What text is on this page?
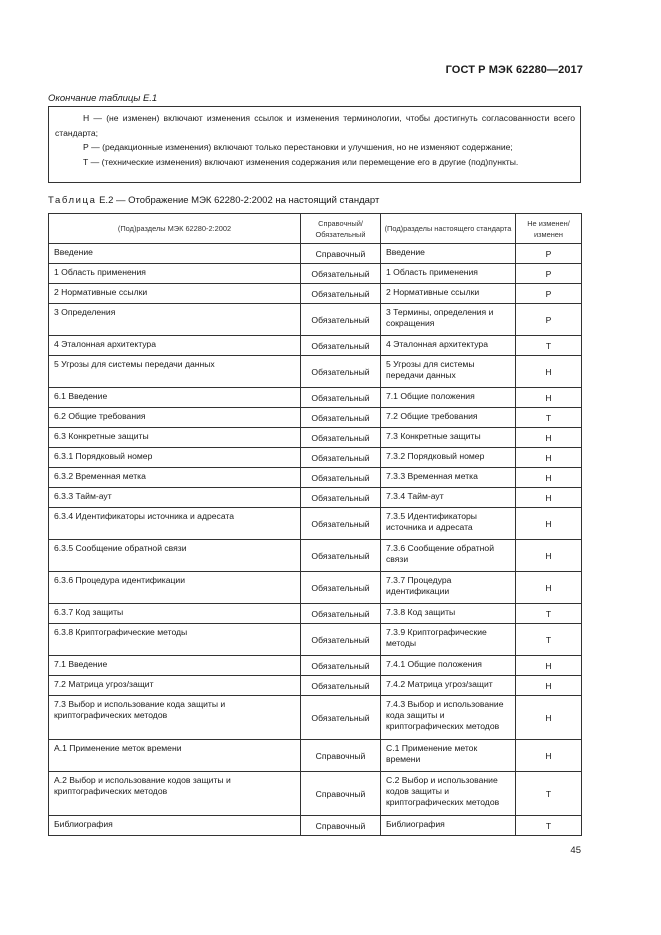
ГОСТ Р МЭК 62280—2017
Окончание таблицы Е.1

Н — (не изменен) включают изменения ссылок и изменения терминологии, чтобы достигнуть согласованности всего стандарта;

Р — (редакционные изменения) включают только перестановки и улучшения, но не изменяют содержание;

Т — (технические изменения) включают изменения содержания или перемещение его в другие (под)пункты.

Таблица Е.2 — Отображение МЭК 62280-2:2002 на настоящий стандарт
(Под)разделы МЭК 62280-2:2002	Справочный/ Обязательный	(Под)разделы настоящего стандарта	Не изменен/ изменен
Введение	Справочный	Введение	Р
1 Область применения	Обязательный	1 Область применения	Р
2 Нормативные ссылки	Обязательный	2 Нормативные ссылки	Р
3 Определения	Обязательный	3 Термины, определения и сокращения	Р
4 Эталонная архитектура	Обязательный	4 Эталонная архитектура	Т
5 Угрозы для системы передачи данных	Обязательный	5 Угрозы для системы передачи данных	Н
6.1 Введение	Обязательный	7.1 Общие положения	Н
6.2 Общие требования	Обязательный	7.2 Общие требования	Т
6.3 Конкретные защиты	Обязательный	7.3 Конкретные защиты	Н
6.3.1 Порядковый номер	Обязательный	7.3.2 Порядковый номер	Н
6.3.2 Временная метка	Обязательный	7.3.3 Временная метка	Н
6.3.3 Тайм-аут	Обязательный	7.3.4 Тайм-аут	Н
6.3.4 Идентификаторы источника и адресата	Обязательный	7.3.5 Идентификаторы источника и адресата	Н
6.3.5 Сообщение обратной связи	Обязательный	7.3.6 Сообщение обратной связи	Н
6.3.6 Процедура идентификации	Обязательный	7.3.7 Процедура идентификации	Н
6.3.7 Код защиты	Обязательный	7.3.8 Код защиты	Т
6.3.8 Криптографические методы	Обязательный	7.3.9 Криптографические методы	Т
7.1 Введение	Обязательный	7.4.1 Общие положения	Н
7.2 Матрица угроз/защит	Обязательный	7.4.2 Матрица угроз/защит	Н
7.3 Выбор и использование кода защиты и криптографических методов	Обязательный	7.4.3 Выбор и использование кода защиты и криптографических методов	Н
А.1 Применение меток времени	Справочный	С.1 Применение меток времени	Н
А.2 Выбор и использование кодов защиты и криптографических методов	Справочный	С.2 Выбор и использование кодов защиты и криптографических методов	Т
Библиография	Справочный	Библиография	Т
45
